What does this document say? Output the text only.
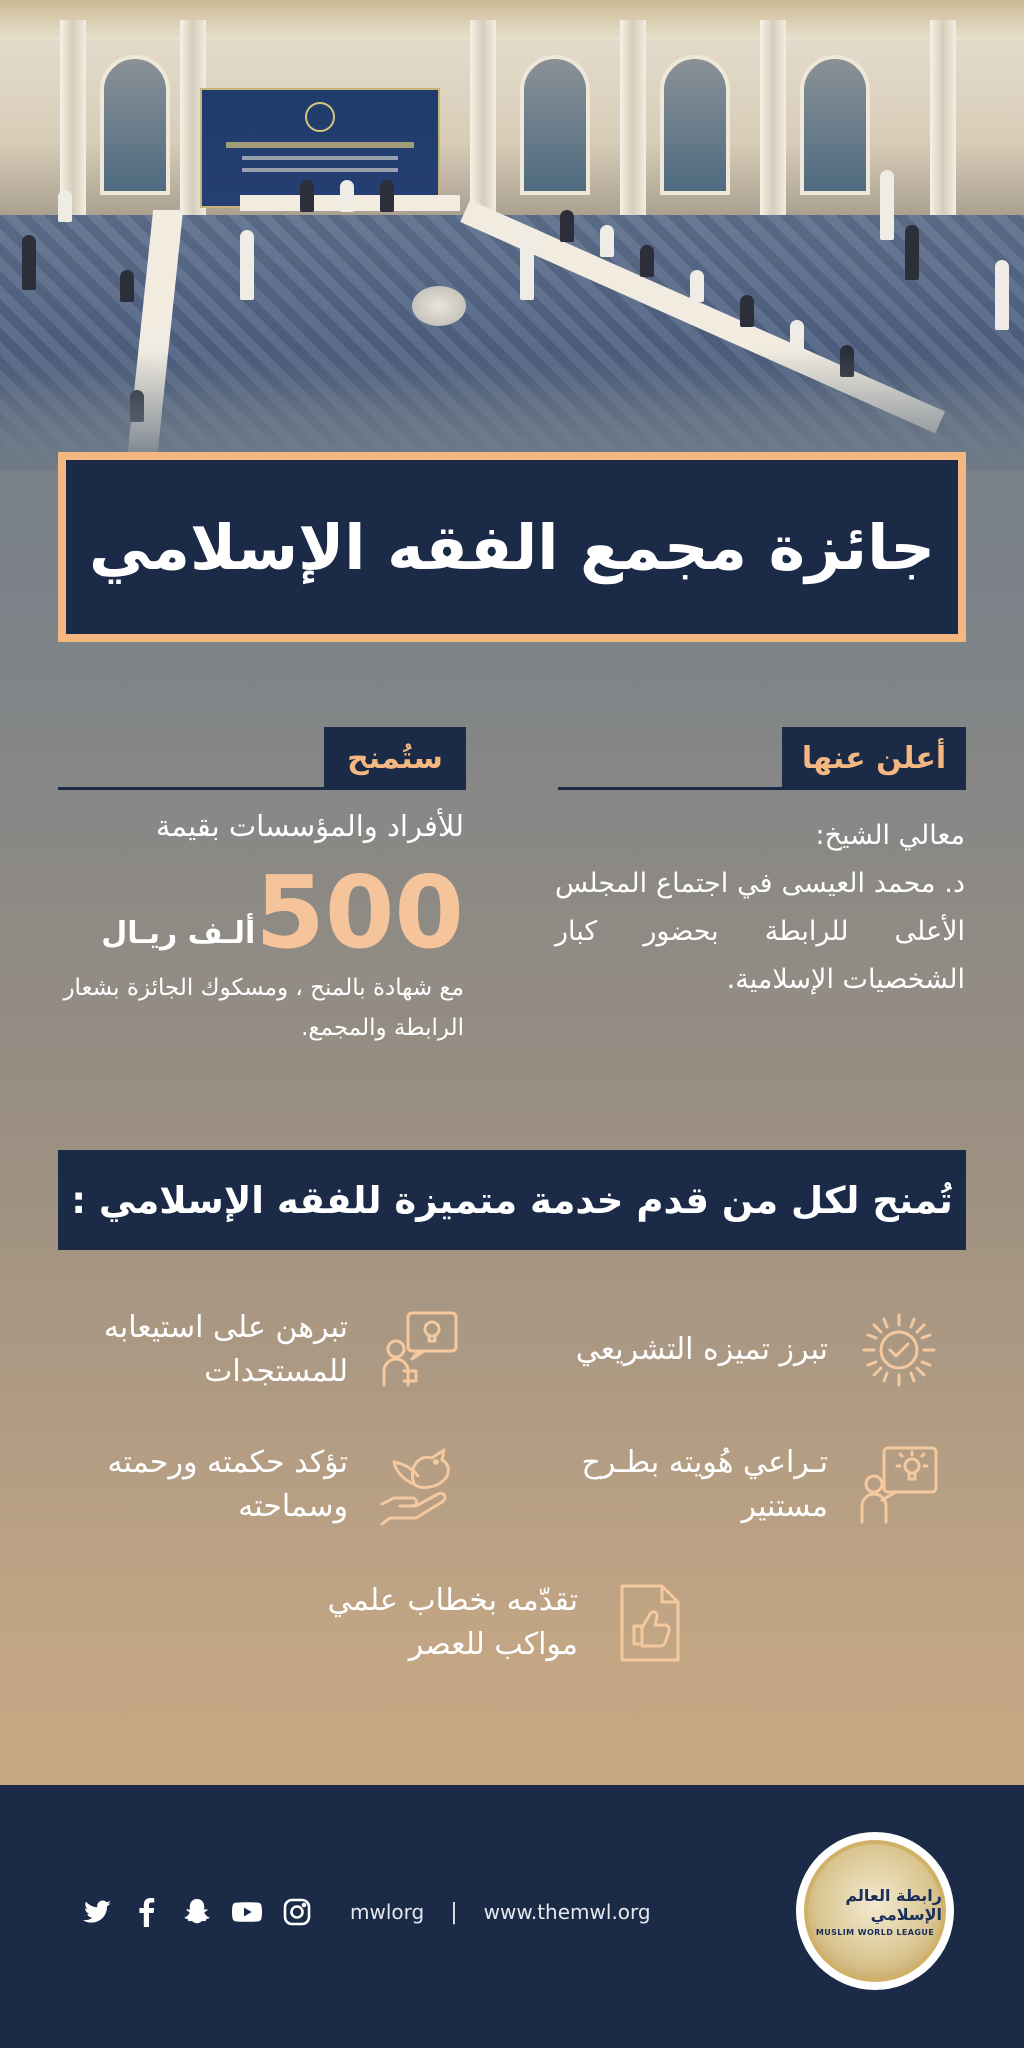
جائزة مجمع الفقه الإسلامي
أعلن عنها
معالي الشيخ:
د. محمد العيسى في اجتماع المجلس الأعلى للرابطة بحضور كبار الشخصيات الإسلامية.
ستُمنح
للأفراد والمؤسسات بقيمة
500
ألـف ريـال
مع شهادة بالمنح ، ومسكوك الجائزة بشعار الرابطة والمجمع.
تُمنح لكل من قدم خدمة متميزة للفقه الإسلامي :
تبرز تميزه التشريعي
تبرهن على استيعابه للمستجدات
تـراعي هُويته بطـرح مستنير
تؤكد حكمته ورحمته وسماحته
تقدّمه بخطاب علمي مواكب للعصر
mwlorg | www.themwl.org
رابطة العالم الإسلامي
MUSLIM WORLD LEAGUE
